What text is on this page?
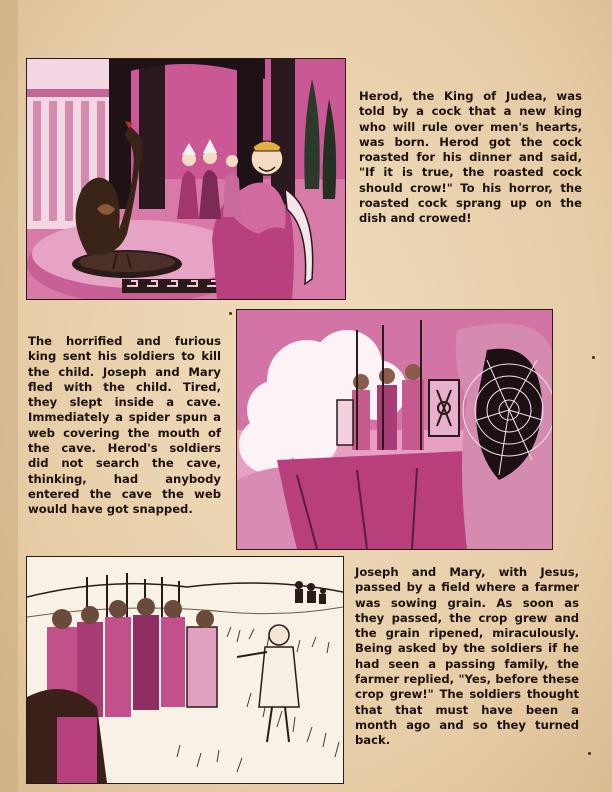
Herod, the King of Judea, was told by a cock that a new king who will rule over men's hearts, was born. Herod got the cock roasted for his dinner and said, "If it is true, the roasted cock should crow!" To his horror, the roasted cock sprang up on the dish and crowed!

The horrified and furious king sent his soldiers to kill the child. Joseph and Mary fled with the child. Tired, they slept inside a cave. Immediately a spider spun a web covering the mouth of the cave. Herod's soldiers did not search the cave, thinking, had anybody entered the cave the web would have got snapped.

Joseph and Mary, with Jesus, passed by a field where a farmer was sowing grain. As soon as they passed, the crop grew and the grain ripened, miraculously. Being asked by the soldiers if he had seen a passing family, the farmer replied, "Yes, before these crop grew!" The soldiers thought that that must have been a month ago and so they turned back.
